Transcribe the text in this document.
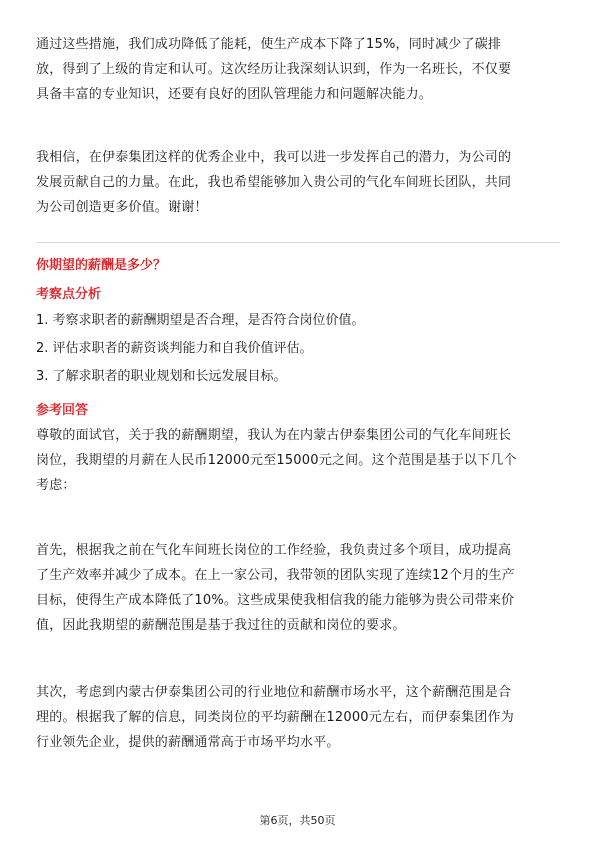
通过这些措施，我们成功降低了能耗，使生产成本下降了15%，同时减少了碳排
放，得到了上级的肯定和认可。这次经历让我深刻认识到，作为一名班长，不仅要
具备丰富的专业知识，还要有良好的团队管理能力和问题解决能力。

我相信，在伊泰集团这样的优秀企业中，我可以进一步发挥自己的潜力，为公司的
发展贡献自己的力量。在此，我也希望能够加入贵公司的气化车间班长团队，共同
为公司创造更多价值。谢谢！

你期望的薪酬是多少？
考察点分析
1. 考察求职者的薪酬期望是否合理，是否符合岗位价值。
2. 评估求职者的薪资谈判能力和自我价值评估。
3. 了解求职者的职业规划和长远发展目标。
参考回答

尊敬的面试官，关于我的薪酬期望，我认为在内蒙古伊泰集团公司的气化车间班长
岗位，我期望的月薪在人民币12000元至15000元之间。这个范围是基于以下几个
考虑：

首先，根据我之前在气化车间班长岗位的工作经验，我负责过多个项目，成功提高
了生产效率并减少了成本。在上一家公司，我带领的团队实现了连续12个月的生产
目标，使得生产成本降低了10%。这些成果使我相信我的能力能够为贵公司带来价
值，因此我期望的薪酬范围是基于我过往的贡献和岗位的要求。

其次，考虑到内蒙古伊泰集团公司的行业地位和薪酬市场水平，这个薪酬范围是合
理的。根据我了解的信息，同类岗位的平均薪酬在12000元左右，而伊泰集团作为
行业领先企业，提供的薪酬通常高于市场平均水平。

第6页，共50页
